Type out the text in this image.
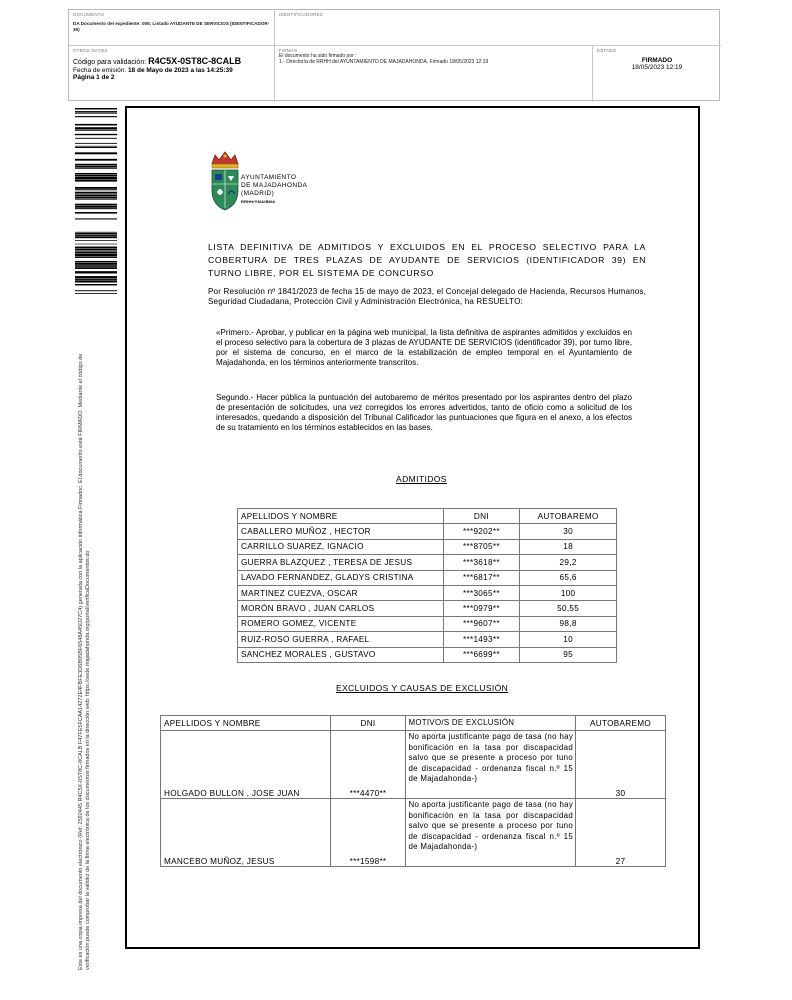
DOCUMENTO
DA Documento del expediente: 006; Listado AYUDANTE DE SERVICIOS (IDENTIFICADOR-39)
IDENTIFICADORES
OTROS DATOS
Código para validación: R4C5X-0ST8C-8CALB
Fecha de emisión: 18 de Mayo de 2023 a las 14:25:39
Página 1 de 2
FIRMAS
El documento ha sido firmado por :
1.- Director/a de RRHH del AYUNTAMIENTO DE MAJADAHONDA. Firmado 18/05/2023 12:19
ESTADO
FIRMADO
18/05/2023 12:19
Este es una copia impresa del documento electrónico (Ref: 2592445 R4C5X-0ST8C-8CALB F47FE5FCAA14272E4FBFE3D6B95BF6548A45D27C4) generada con la aplicación informática Firmadoc. El documento está FIRMADO. Mediante el código de verificación puede comprobar la validez de la firma electrónica de los documentos firmados en la dirección web: https://sede.majadahonda.org/portal/verificaDocumentos.do
AYUNTAMIENTO
DE MAJADAHONDA
(MADRID)
RRHH/YMA/BMA
LISTA DEFINITIVA DE ADMITIDOS Y EXCLUIDOS EN EL PROCESO SELECTIVO PARA LA COBERTURA DE TRES PLAZAS DE AYUDANTE DE SERVICIOS (IDENTIFICADOR 39) EN TURNO LIBRE, POR EL SISTEMA DE CONCURSO
Por Resolución nº 1841/2023 de fecha 15 de mayo de 2023, el Concejal delegado de Hacienda, Recursos Humanos, Seguridad Ciudadana, Protección Civil y Administración Electrónica, ha RESUELTO:
«Primero.- Aprobar, y publicar en la página web municipal, la lista definitiva de aspirantes admitidos y excluidos en el proceso selectivo para la cobertura de 3 plazas de AYUDANTE DE SERVICIOS (identificador 39), por turno libre, por el sistema de concurso, en el marco de la estabilización de empleo temporal en el Ayuntamiento de Majadahonda, en los términos anteriormente transcritos.
Segundo.- Hacer pública la puntuación del autobaremo de méritos presentado por los aspirantes dentro del plazo de presentación de solicitudes, una vez corregidos los errores advertidos, tanto de oficio como a solicitud de los interesados, quedando a disposición del Tribunal Calificador las puntuaciones que figura en el anexo, a los efectos de su tratamiento en los términos establecidos en las bases.
ADMITIDOS
APELLIDOS Y NOMBRE	DNI	AUTOBAREMO
CABALLERO MUÑOZ , HECTOR	***9202**	30
CARRILLO SUAREZ, IGNACIO	***8705**	18
GUERRA BLAZQUEZ , TERESA DE JESUS	***3618**	29,2
LAVADO FERNANDEZ, GLADYS CRISTINA	***6817**	65,6
MARTINEZ CUEZVA, OSCAR	***3065**	100
MORÓN BRAVO , JUAN CARLOS	***0979**	50,55
ROMERO GOMEZ, VICENTE	***9607**	98,8
RUIZ-ROSO GUERRA , RAFAEL	***1493**	10
SANCHEZ MORALES , GUSTAVO	***6699**	95
EXCLUIDOS Y CAUSAS DE EXCLUSIÓN
APELLIDOS Y NOMBRE	DNI	MOTIVO/S DE EXCLUSIÓN	AUTOBAREMO
HOLGADO BULLON , JOSE JUAN	***4470**	No aporta justificante pago de tasa (no hay bonificación en la tasa por discapacidad salvo que se presente a proceso por tuno de discapacidad - ordenanza fiscal n.º 15 de Majadahonda-)	30
MANCEBO MUÑOZ, JESUS	***1598**	No aporta justificante pago de tasa (no hay bonificación en la tasa por discapacidad salvo que se presente a proceso por tuno de discapacidad - ordenanza fiscal n.º 15 de Majadahonda-)	27
